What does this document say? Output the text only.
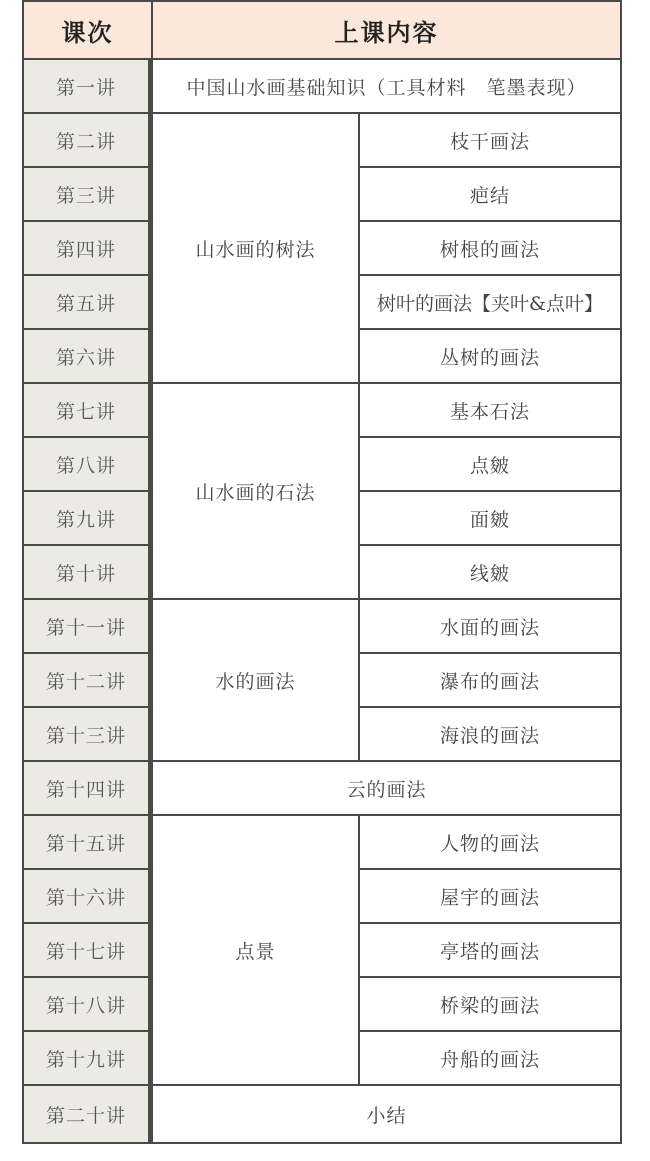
课次	上课内容
第一讲
第二讲
第三讲
第四讲
第五讲
第六讲
第七讲
第八讲
第九讲
第十讲
第十一讲
第十二讲
第十三讲
第十四讲
第十五讲
第十六讲
第十七讲
第十八讲
第十九讲
第二十讲
中国山水画基础知识（工具材料　笔墨表现）
云的画法
小结
山水画的树法
山水画的石法
水的画法
点景
枝干画法
疤结
树根的画法
树叶的画法【夹叶&点叶】
丛树的画法
基本石法
点皴
面皴
线皴
水面的画法
瀑布的画法
海浪的画法
人物的画法
屋宇的画法
亭塔的画法
桥梁的画法
舟船的画法
